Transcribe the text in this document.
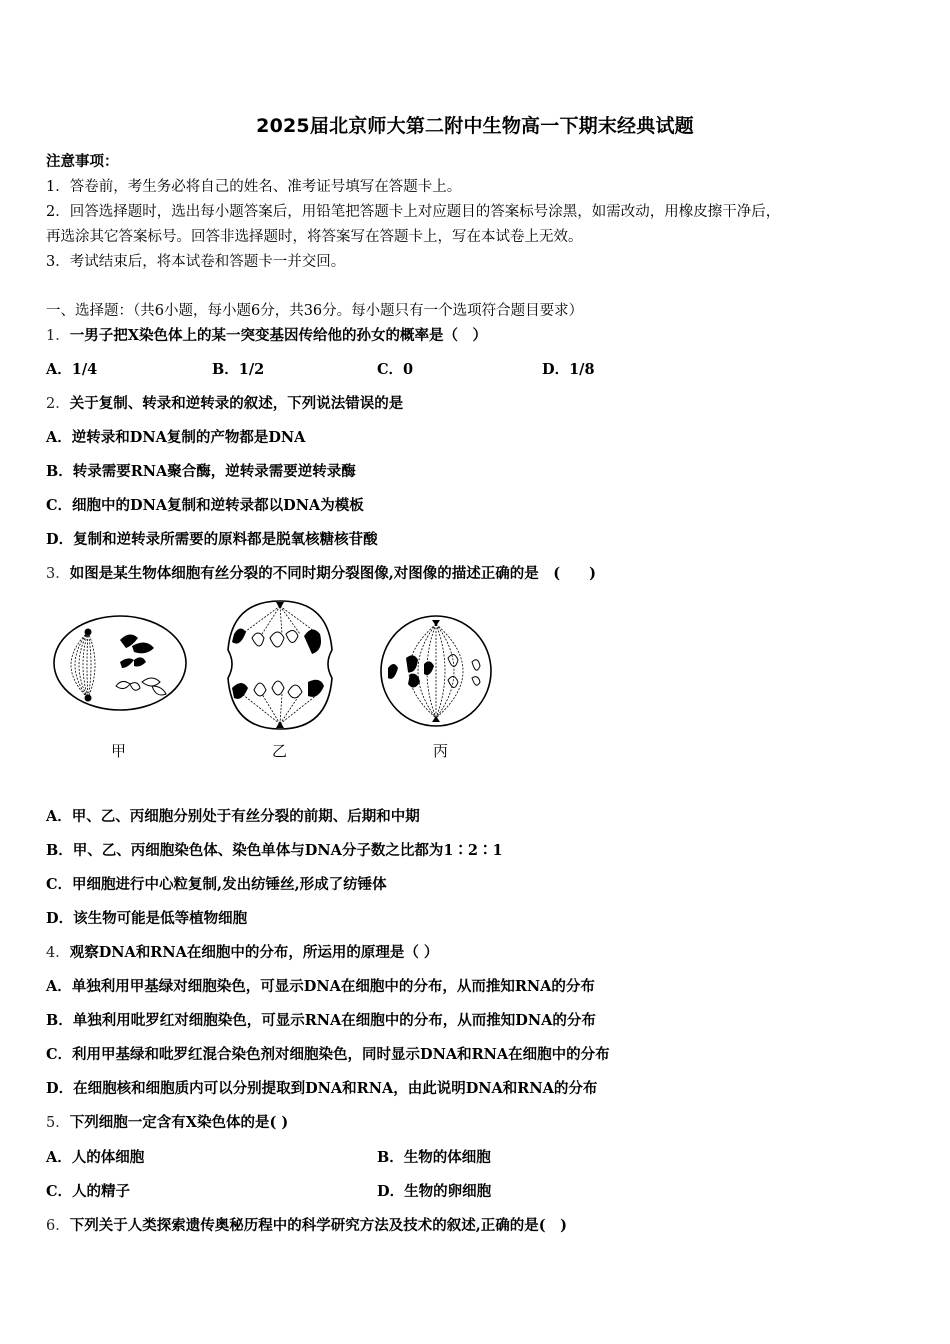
2025届北京师大第二附中生物高一下期末经典试题
注意事项：
1．答卷前，考生务必将自己的姓名、准考证号填写在答题卡上。
2．回答选择题时，选出每小题答案后，用铅笔把答题卡上对应题目的答案标号涂黑，如需改动，用橡皮擦干净后，
再选涂其它答案标号。回答非选择题时，将答案写在答题卡上，写在本试卷上无效。
3．考试结束后，将本试卷和答题卡一并交回。
一、选择题：（共6小题，每小题6分，共36分。每小题只有一个选项符合题目要求）
1．一男子把X染色体上的某一突变基因传给他的孙女的概率是（　）
A．1/4	B．1/2	C．0	D．1/8
2．关于复制、转录和逆转录的叙述，下列说法错误的是
A．逆转录和DNA复制的产物都是DNA
B．转录需要RNA聚合酶，逆转录需要逆转录酶
C．细胞中的DNA复制和逆转录都以DNA为模板
D．复制和逆转录所需要的原料都是脱氧核糖核苷酸
3．如图是某生物体细胞有丝分裂的不同时期分裂图像,对图像的描述正确的是　(　　)
甲	乙	丙
A．甲、乙、丙细胞分别处于有丝分裂的前期、后期和中期
B．甲、乙、丙细胞染色体、染色单体与DNA分子数之比都为1∶2∶1
C．甲细胞进行中心粒复制,发出纺锤丝,形成了纺锤体
D．该生物可能是低等植物细胞
4．观察DNA和RNA在细胞中的分布，所运用的原理是（ ）
A．单独利用甲基绿对细胞染色，可显示DNA在细胞中的分布，从而推知RNA的分布
B．单独利用吡罗红对细胞染色，可显示RNA在细胞中的分布，从而推知DNA的分布
C．利用甲基绿和吡罗红混合染色剂对细胞染色，同时显示DNA和RNA在细胞中的分布
D．在细胞核和细胞质内可以分别提取到DNA和RNA，由此说明DNA和RNA的分布
5．下列细胞一定含有X染色体的是( )
A．人的体细胞	B．生物的体细胞
C．人的精子	D．生物的卵细胞
6．下列关于人类探索遗传奥秘历程中的科学研究方法及技术的叙述,正确的是(　)
